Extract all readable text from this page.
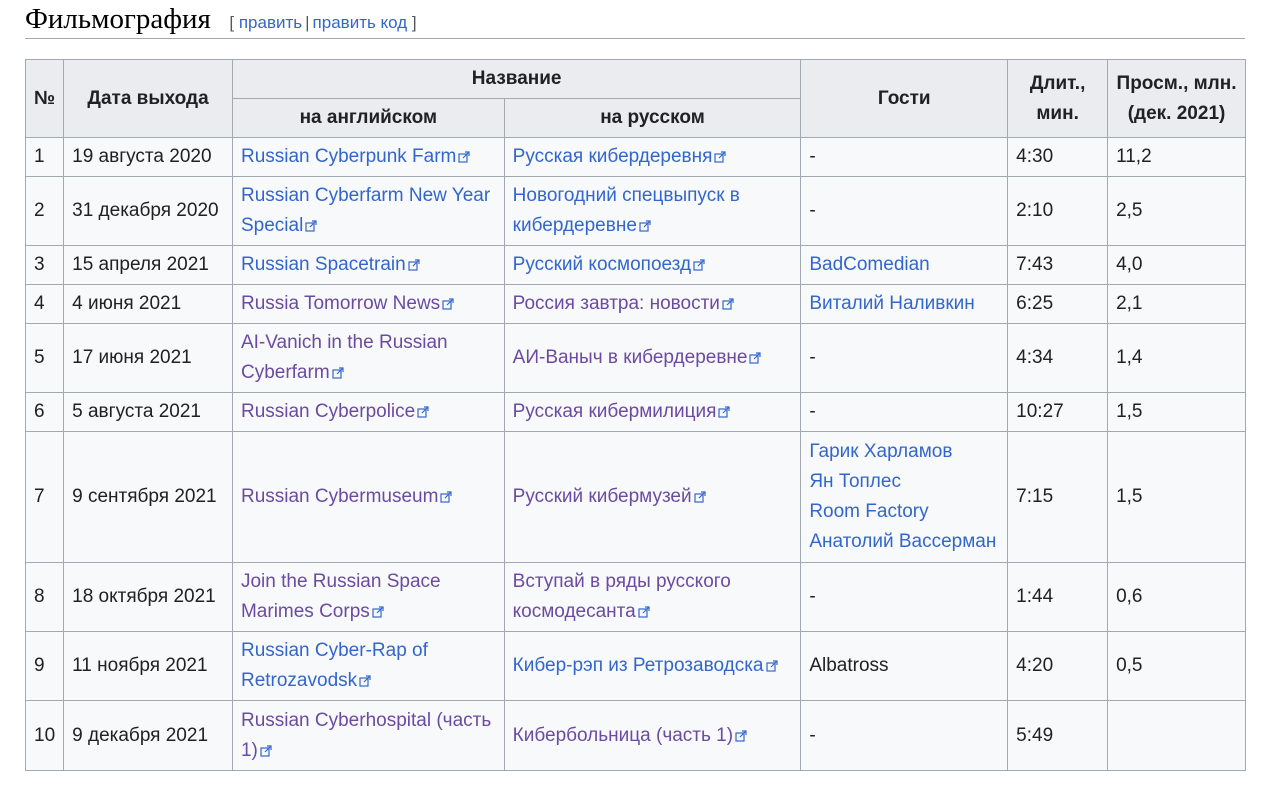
Фильмография [ править | править код ]
№	Дата выхода	Название		Гости	Длит., мин.	Просм., млн. (дек. 2021)
		на английском	на русском			
1	19 августа 2020	Russian Cyberpunk Farm	Русская кибердеревня	-	4:30	11,2
2	31 декабря 2020	Russian Cyberfarm New Year Special	Новогодний спецвыпуск в кибердеревне	-	2:10	2,5
3	15 апреля 2021	Russian Spacetrain	Русский космопоезд	BadComedian	7:43	4,0
4	4 июня 2021	Russia Tomorrow News	Россия завтра: новости	Виталий Наливкин	6:25	2,1
5	17 июня 2021	AI-Vanich in the Russian Cyberfarm	АИ-Ваныч в кибердеревне	-	4:34	1,4
6	5 августа 2021	Russian Cyberpolice	Русская кибермилиция	-	10:27	1,5
7	9 сентября 2021	Russian Cybermuseum	Русский кибермузей	Гарик Харламов
Ян Топлес
Room Factory
Анатолий Вассерман	7:15	1,5
8	18 октября 2021	Join the Russian Space Marimes Corps	Вступай в ряды русского космодесанта	-	1:44	0,6
9	11 ноября 2021	Russian Cyber-Rap of Retrozavodsk	Кибер-рэп из Ретрозаводска	Albatross	4:20	0,5
10	9 декабря 2021	Russian Cyberhospital (часть 1)	Кибербольница (часть 1)	-	5:49	
